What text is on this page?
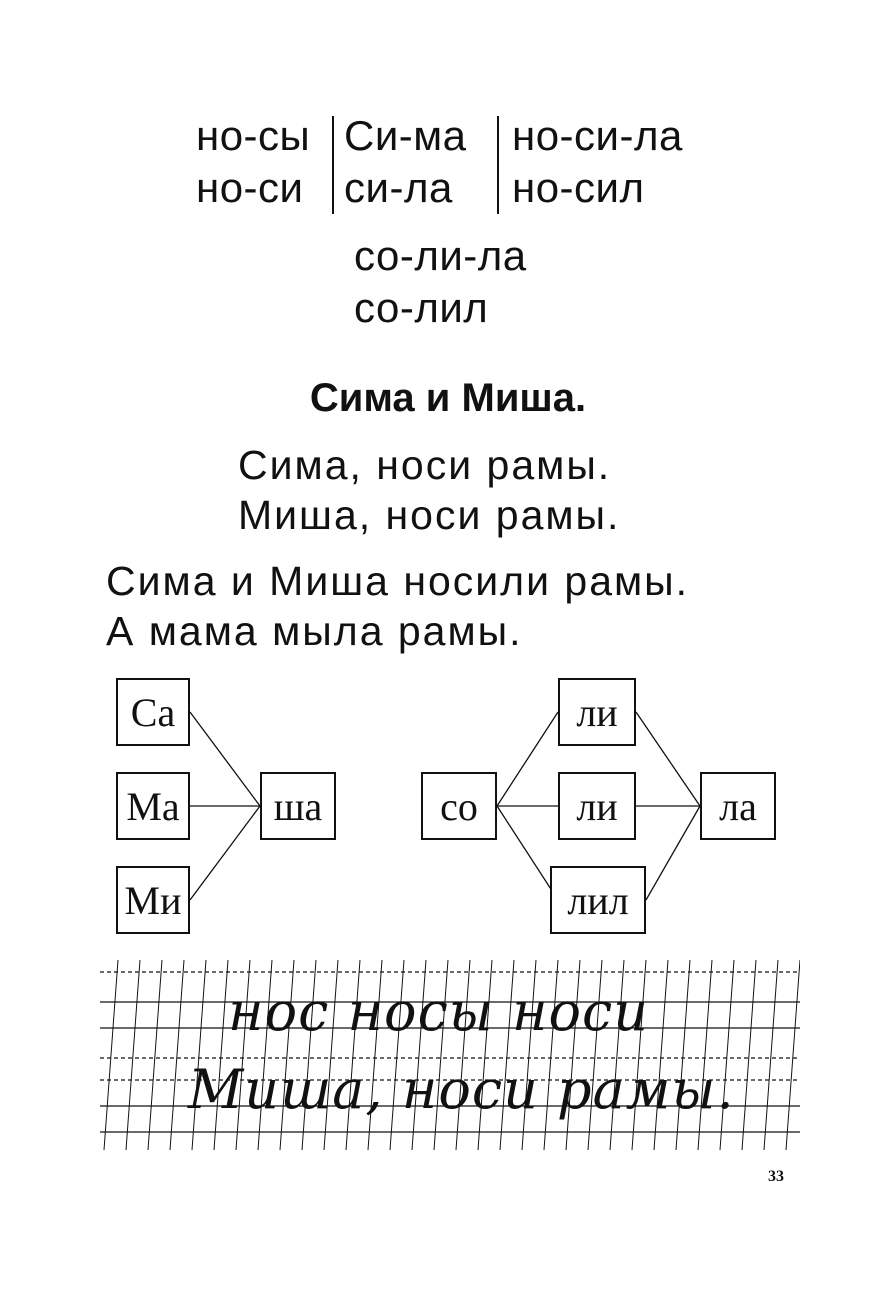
но-сы
но-си
Си-ма
си-ла
но-си-ла
но-сил
со-ли-ла
со-лил
Сима и Миша.
Сима, носи рамы.
Миша, носи рамы.
Сима и Миша носили рамы.
А мама мыла рамы.
Са
Ма
Ми
ша	со
ли
ли
лил
ла
нос носы носи
Миша, носи рамы.
33
